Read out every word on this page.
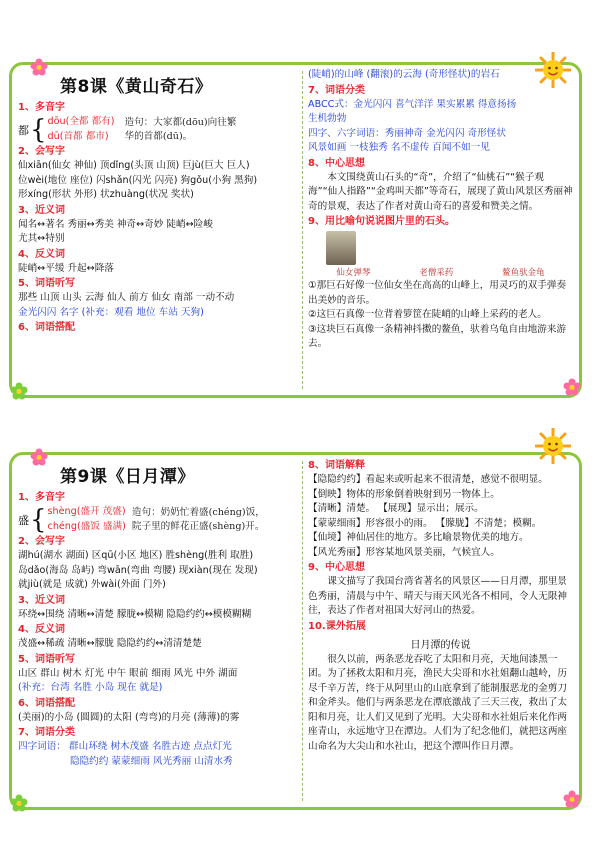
第8课《黄山奇石》
1、多音字
都 { dōu(全都 都有)
dū(首都 都市)
造句：大家都(dōu)向往繁
华的首都(dū)。
2、会写字
仙xiān(仙女 神仙) 顶dǐng(头顶 山顶) 巨jù(巨大 巨人)
位wèi(地位 座位) 闪shǎn(闪光 闪亮) 狗gǒu(小狗 黑狗)
形xíng(形状 外形) 状zhuàng(状况 奖状)
3、近义词
闻名↔著名 秀丽↔秀美 神奇↔奇妙 陡峭↔险峻
尤其↔特别
4、反义词
陡峭↔平缓 升起↔降落
5、词语听写
那些 山顶 山头 云海 仙人 前方 仙女 南部 一动不动
金光闪闪 名字 (补充：观看 地位 车站 天狗)
6、词语搭配
(陡峭)的山峰 (翻滚)的云海 (奇形怪状)的岩石
7、词语分类
ABCC式：金光闪闪 喜气洋洋 果实累累 得意扬扬
生机勃勃
四字、六字词语：秀丽神奇 金光闪闪 奇形怪状
风景如画 一枝独秀 名不虚传 百闻不如一见
8、中心思想
本文围绕黄山石头的“奇”，介绍了“仙桃石”“猴子观海”“仙人指路”“金鸡叫天都”等奇石，展现了黄山风景区秀丽神奇的景观，表达了作者对黄山奇石的喜爱和赞美之情。
9、用比喻句说说图片里的石头。
仙女弹琴	老僧采药	鳌鱼驮金龟
①那巨石好像一位仙女坐在高高的山峰上，用灵巧的双手弹奏出美妙的音乐。
②这巨石真像一位背着箩筐在陡峭的山峰上采药的老人。
③这块巨石真像一条精神抖擞的鳌鱼，驮着乌龟自由地游来游去。
第9课《日月潭》
1、多音字
盛 { shèng(盛开 茂盛)
chéng(盛饭 盛满)
造句：奶奶忙着盛(chéng)饭，
院子里的鲜花正盛(shèng)开。
2、会写字
湖hú(湖水 湖面) 区qū(小区 地区) 胜shèng(胜利 取胜)
岛dǎo(海岛 岛屿) 弯wān(弯曲 弯腰) 现xiàn(现在 发现)
就jiù(就是 成就) 外wài(外面 门外)
3、近义词
环绕↔围绕 清晰↔清楚 朦胧↔模糊 隐隐约约↔模模糊糊
4、反义词
茂盛↔稀疏 清晰↔朦胧 隐隐约约↔清清楚楚
5、词语听写
山区 群山 树木 灯光 中午 眼前 细雨 风光 中外 湖面
(补充：台湾 名胜 小岛 现在 就是)
6、词语搭配
(美丽)的小岛 (圆圆)的太阳 (弯弯)的月亮 (薄薄)的雾
7、词语分类
四字词语： 群山环绕 树木茂盛 名胜古迹 点点灯光
隐隐约约 蒙蒙细雨 风光秀丽 山清水秀
8、词语解释
【隐隐约约】看起来或听起来不很清楚，感觉不很明显。
【倒映】物体的形象倒着映射到另一物体上。
【清晰】清楚。 【展现】显示出；展示。
【蒙蒙细雨】形容很小的雨。 【朦胧】不清楚；模糊。
【仙境】神仙居住的地方。多比喻景物优美的地方。
【风光秀丽】形容某地风景美丽，气候宜人。
9、中心思想
课文描写了我国台湾省著名的风景区——日月潭，那里景色秀丽，清晨与中午、晴天与雨天风光各不相同，令人无限神往，表达了作者对祖国大好河山的热爱。
10.课外拓展
日月潭的传说
很久以前，两条恶龙吞吃了太阳和月亮，天地间漆黑一团。为了拯救太阳和月亮，渔民大尖哥和水社姐翻山越岭，历尽千辛万苦，终于从阿里山的山底拿到了能制服恶龙的金剪刀和金斧头。他们与两条恶龙在潭底激战了三天三夜，救出了太阳和月亮，让人们又见到了光明。大尖哥和水社姐后来化作两座青山，永远地守卫在潭边。人们为了纪念他们，就把这两座山命名为大尖山和水社山，把这个潭叫作日月潭。
